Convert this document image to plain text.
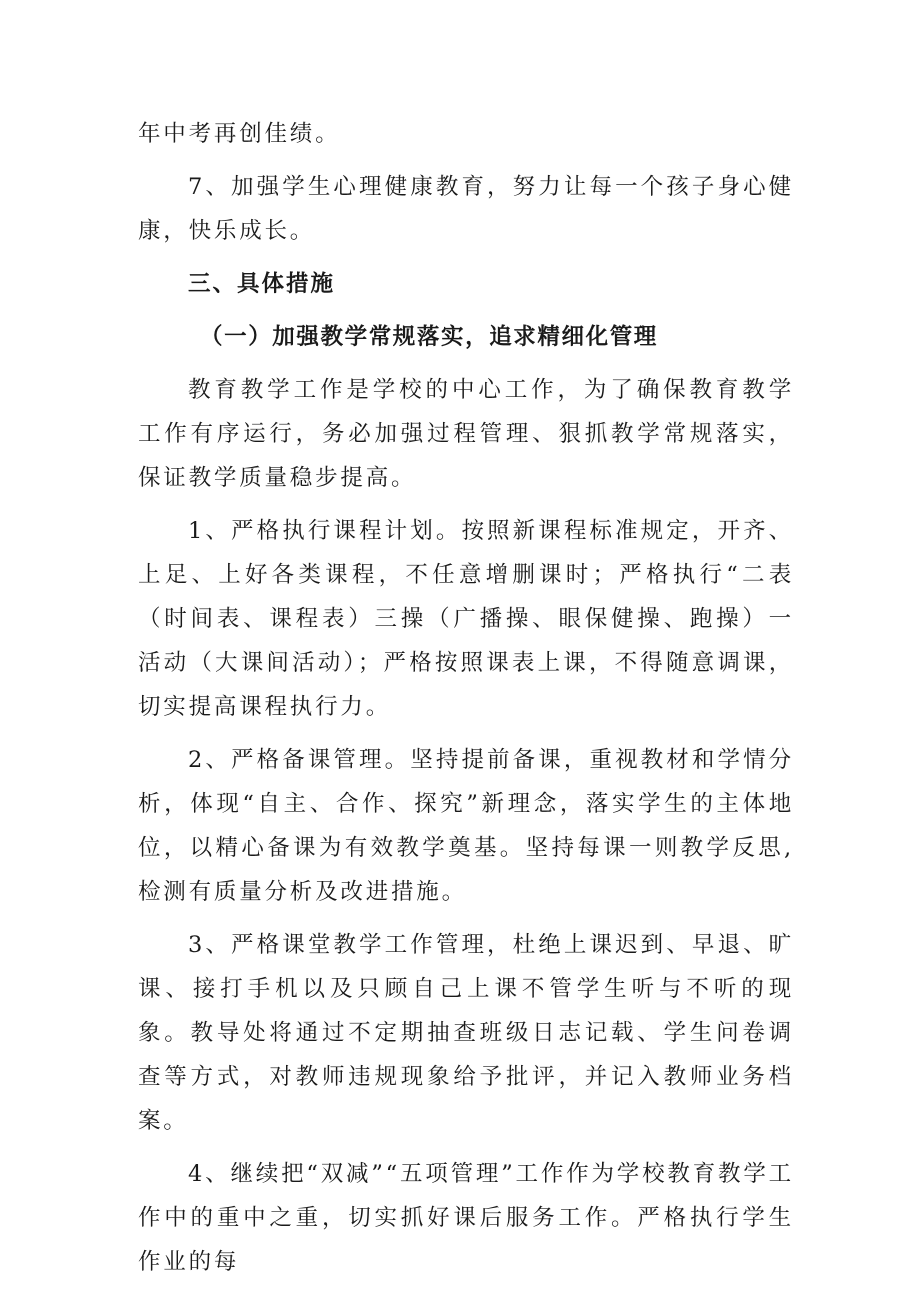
年中考再创佳绩。

7、加强学生心理健康教育，努力让每一个孩子身心健康，快乐成长。

三、具体措施

（一）加强教学常规落实，追求精细化管理

教育教学工作是学校的中心工作，为了确保教育教学工作有序运行，务必加强过程管理、狠抓教学常规落实，保证教学质量稳步提高。

1、严格执行课程计划。按照新课程标准规定，开齐、上足、上好各类课程，不任意增删课时；严格执行“二表（时间表、课程表）三操（广播操、眼保健操、跑操）一活动（大课间活动）；严格按照课表上课，不得随意调课，切实提高课程执行力。

2、严格备课管理。坚持提前备课，重视教材和学情分析，体现“自主、合作、探究”新理念，落实学生的主体地位，以精心备课为有效教学奠基。坚持每课一则教学反思,检测有质量分析及改进措施。

3、严格课堂教学工作管理，杜绝上课迟到、早退、旷课、接打手机以及只顾自己上课不管学生听与不听的现象。教导处将通过不定期抽查班级日志记载、学生问卷调查等方式，对教师违规现象给予批评，并记入教师业务档案。

4、继续把“双减”“五项管理”工作作为学校教育教学工作中的重中之重，切实抓好课后服务工作。严格执行学生作业的每
